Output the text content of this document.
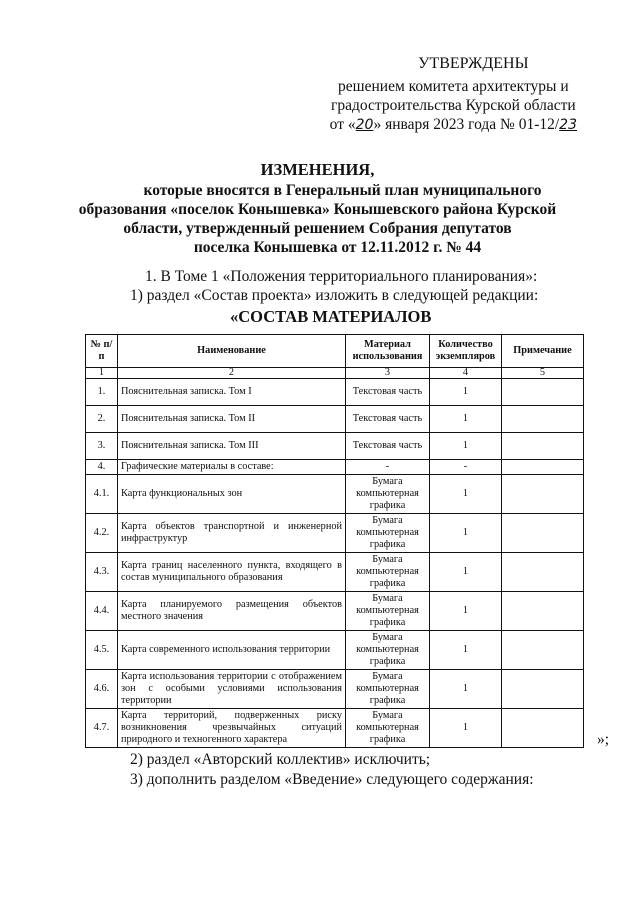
УТВЕРЖДЕНЫ
решением комитета архитектуры и
градостроительства Курской области
от «20» января 2023 года № 01-12/23
ИЗМЕНЕНИЯ,
которые вносятся в Генеральный план муниципального
образования «поселок Конышевка» Конышевского района Курской
области, утвержденный решением Собрания депутатов
поселка Конышевка от 12.11.2012 г. № 44
1. В Томе 1 «Положения территориального планирования»:
1) раздел «Состав проекта» изложить в следующей редакции:
«СОСТАВ МАТЕРИАЛОВ
№ п/п	Наименование	Материал использования	Количество экземпляров	Примечание
1	2	3	4	5
1.	Пояснительная записка. Том I	Текстовая часть	1	
2.	Пояснительная записка. Том II	Текстовая часть	1	
3.	Пояснительная записка. Том III	Текстовая часть	1	
4.	Графические материалы в составе:	-	-	
4.1.	Карта функциональных зон	Бумага компьютерная графика	1	
4.2.	Карта объектов транспортной и инженерной инфраструктур	Бумага компьютерная графика	1	
4.3.	Карта границ населенного пункта, входящего в состав муниципального образования	Бумага компьютерная графика	1	
4.4.	Карта планируемого размещения объектов местного значения	Бумага компьютерная графика	1	
4.5.	Карта современного использования территории	Бумага компьютерная графика	1	
4.6.	Карта использования территории с отображением зон с особыми условиями использования территории	Бумага компьютерная графика	1	
4.7.	Карта территорий, подверженных риску возникновения чрезвычайных ситуаций природного и техногенного характера	Бумага компьютерная графика	1	
»;
2) раздел «Авторский коллектив» исключить;
3) дополнить разделом «Введение» следующего содержания:
